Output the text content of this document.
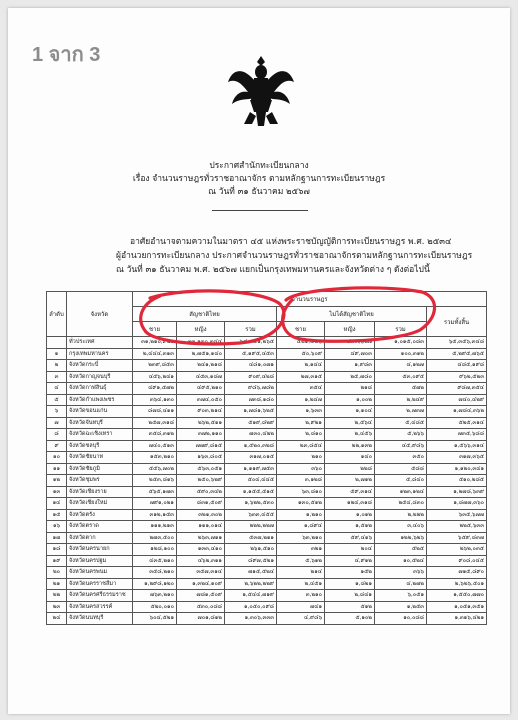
1 จาก 3
ประกาศสำนักทะเบียนกลาง
เรื่อง จำนวนราษฎรทั่วราชอาณาจักร ตามหลักฐานการทะเบียนราษฎร
ณ วันที่ ๓๑ ธันวาคม ๒๕๖๗
อาศัยอำนาจตามความในมาตรา ๔๕ แห่งพระราชบัญญัติการทะเบียนราษฎร พ.ศ. ๒๕๓๔
ผู้อำนวยการทะเบียนกลาง ประกาศจำนวนราษฎรทั่วราชอาณาจักรตามหลักฐานการทะเบียนราษฎร
ณ วันที่ ๓๑ ธันวาคม พ.ศ. ๒๕๖๗ แยกเป็นกรุงเทพมหานครและจังหวัดต่าง ๆ ดังต่อไปนี้
ลำดับ	จังหวัด	จำนวนราษฎร						
		สัญชาติไทย			ไม่ได้สัญชาติไทย			รวมทั้งสิ้น
		ชาย	หญิง	รวม	ชาย	หญิง	รวม	
	ทั่วประเทศ	๓๑,๒๑๐,๙๒๑	๓๓,๑๓๐,๓๔๔	๖๔,๓๔๑,๒๖๕	๕๒๑,๔๕๖	๔๙๓,๖๒๗	๑,๐๑๕,๐๘๓	๖๕,๓๕๖,๓๔๘
๑	กรุงเทพมหานคร	๒,๔๔๔,๓๑๓	๒,๗๕๑,๑๔๐	๕,๑๙๕,๔๕๓	๕๐,๖๐๙	๔๙,๗๐๓	๑๐๐,๓๑๒	๕,๒๙๕,๗๖๕
๒	จังหวัดกระบี่	๒๓๙,๘๕๓	๒๔๑,๒๑๘	๔๘๑,๐๗๑	๒,๑๔๔	๑,๙๘๓	๔,๑๒๗	๔๘๕,๑๙๘
๓	จังหวัดกาญจนบุรี	๔๕๖,๒๔๑	๔๕๓,๑๘๗	๙๐๙,๔๒๘	๒๗,๓๑๕	๒๕,๗๘๐	๕๓,๐๙๕	๙๖๒,๕๒๓
๔	จังหวัดกาฬสินธุ์	๔๙๑,๕๗๒	๔๙๕,๒๑๐	๙๘๖,๗๘๒	๓๕๔	๒๑๘	๕๗๒	๙๘๗,๓๕๔
๕	จังหวัดกำแพงเพชร	๓๖๔,๑๓๐	๓๗๔,๐๕๐	๗๓๘,๑๘๐	๑,๒๔๗	๑,๐๐๒	๒,๒๔๙	๗๔๐,๔๒๙
๖	จังหวัดขอนแก่น	๘๗๘,๔๑๑	๙๐๓,๒๑๔	๑,๗๘๑,๖๒๕	๑,๖๓๓	๑,๑๐๔	๒,๗๓๗	๑,๗๘๔,๓๖๒
๗	จังหวัดจันทบุรี	๒๕๗,๓๑๘	๒๖๒,๕๑๑	๕๑๙,๘๒๙	๒,๙๒๑	๒,๕๖๔	๕,๔๘๕	๕๒๕,๓๑๔
๘	จังหวัดฉะเชิงเทรา	๓๕๘,๓๑๒	๓๗๒,๑๑๐	๗๓๐,๔๒๒	๒,๘๑๐	๒,๔๕๖	๕,๒๖๖	๗๓๕,๖๘๘
๙	จังหวัดชลบุรี	๗๔๐,๕๑๓	๗๗๙,๘๑๕	๑,๕๒๐,๓๒๘	๒๓,๘๕๔	๒๒,๑๓๒	๔๕,๙๘๖	๑,๕๖๖,๓๑๔
๑๐	จังหวัดชัยนาท	๑๕๓,๒๑๐	๑๖๓,๘๐๕	๓๑๗,๐๑๕	๒๑๐	๑๔๐	๓๕๐	๓๑๗,๓๖๕
๑๑	จังหวัดชัยภูมิ	๕๕๖,๗๐๒	๕๖๓,๐๕๑	๑,๑๑๙,๗๕๓	๓๖๐	๒๒๘	๕๘๘	๑,๑๒๐,๓๔๑
๑๒	จังหวัดชุมพร	๒๕๓,๘๑๖	๒๕๐,๖๒๙	๕๐๔,๔๔๕	๓,๑๒๘	๒,๗๑๒	๕,๘๔๐	๕๑๐,๒๘๕
๑๓	จังหวัดเชียงราย	๕๖๕,๑๗๓	๕๙๐,๓๔๒	๑,๑๕๕,๕๑๕	๖๓,๘๑๐	๕๙,๓๑๔	๑๒๓,๑๒๔	๑,๒๗๘,๖๓๙
๑๔	จังหวัดเชียงใหม่	๗๙๑,๐๒๑	๘๓๑,๕๐๙	๑,๖๒๒,๕๓๐	๑๓๐,๕๑๒	๑๒๔,๓๑๘	๒๕๔,๘๓๐	๑,๘๗๗,๓๖๐
๑๕	จังหวัดตรัง	๓๑๒,๑๕๓	๓๒๑,๓๐๒	๖๓๓,๔๕๕	๑,๒๑๐	๑,๐๑๒	๒,๒๒๒	๖๓๕,๖๗๗
๑๖	จังหวัดตราด	๑๑๑,๒๑๓	๑๑๑,๐๑๔	๒๒๒,๒๒๗	๑,๘๙๔	๑,๕๑๒	๓,๔๐๖	๒๒๕,๖๓๓
๑๗	จังหวัดตาก	๒๗๓,๕๐๐	๒๖๓,๗๑๑	๕๓๗,๒๑๑	๖๓,๒๑๐	๕๙,๔๑๖	๑๒๒,๖๒๖	๖๕๙,๘๓๗
๑๘	จังหวัดนครนายก	๑๒๘,๑๐๐	๑๓๓,๔๑๐	๒๖๑,๕๑๐	๓๒๑	๒๐๔	๕๒๕	๒๖๒,๐๓๕
๑๙	จังหวัดนครปฐม	๔๓๕,๒๑๐	๔๖๒,๓๑๑	๘๙๗,๕๒๑	๕,๖๑๒	๔,๙๑๒	๑๐,๕๒๔	๙๐๘,๐๔๕
๒๐	จังหวัดนครพนม	๓๕๘,๒๑๐	๓๕๗,๓๑๔	๗๑๕,๕๒๔	๒๑๔	๑๕๒	๓๖๖	๗๑๕,๘๙๐
๒๑	จังหวัดนครราชสีมา	๑,๒๙๘,๑๒๐	๑,๓๒๔,๑๐๙	๒,๖๒๒,๒๒๙	๒,๔๕๑	๑,๘๒๑	๔,๒๗๒	๒,๖๒๖,๕๐๑
๒๒	จังหวัดนครศรีธรรมราช	๗๖๓,๒๑๐	๗๘๑,๕๐๙	๑,๕๔๔,๗๑๙	๓,๒๑๐	๒,๘๔๑	๖,๐๕๑	๑,๕๕๐,๗๗๐
๒๓	จังหวัดนครสวรรค์	๕๒๐,๐๑๐	๕๓๐,๐๘๘	๑,๐๕๐,๐๙๘	๗๔๑	๕๑๒	๑,๒๕๓	๑,๐๕๑,๓๕๑
๒๔	จังหวัดนนทบุรี	๖๐๔,๕๒๑	๗๐๑,๘๑๒	๑,๓๐๖,๓๓๓	๔,๙๘๖	๕,๑๐๒	๑๐,๐๘๘	๑,๓๑๖,๔๒๑
